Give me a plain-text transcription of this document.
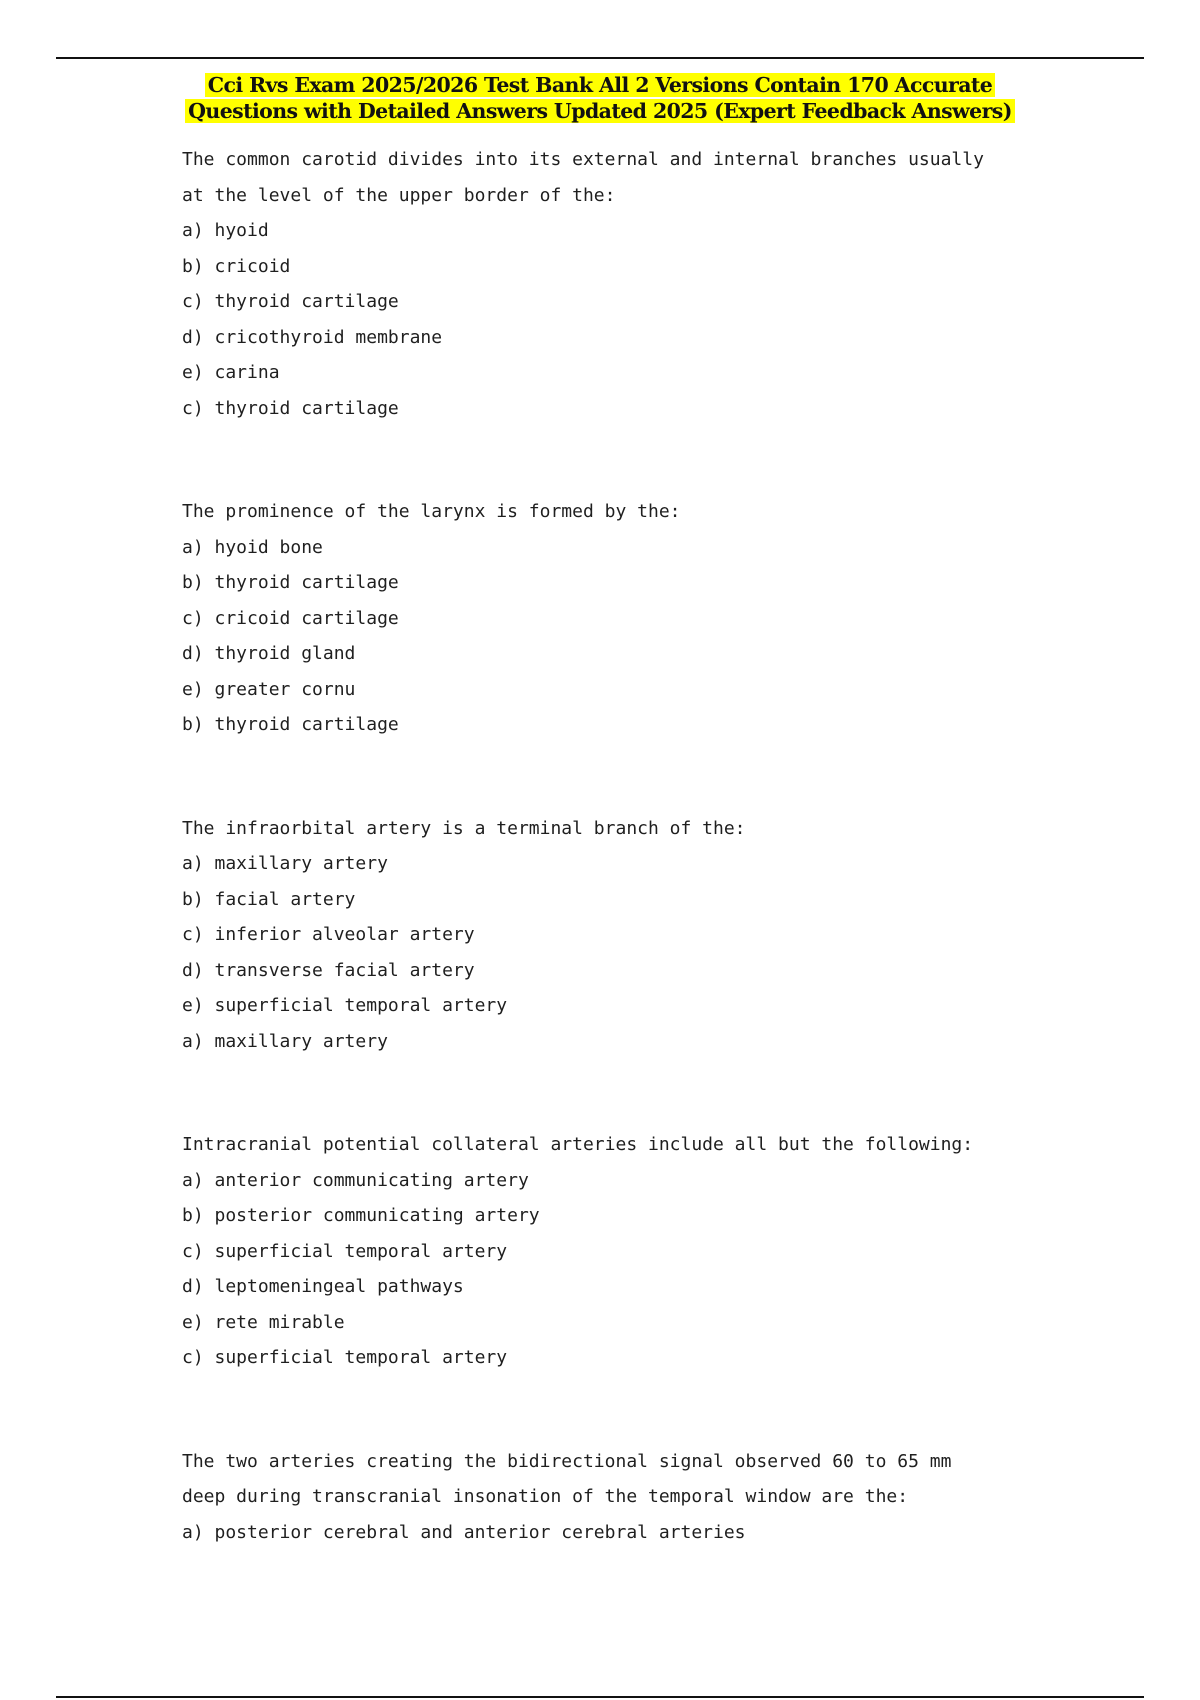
Cci Rvs Exam 2025/2026 Test Bank All 2 Versions Contain 170 Accurate
Questions with Detailed Answers Updated 2025 (Expert Feedback Answers)
The common carotid divides into its external and internal branches usually
at the level of the upper border of the:
a) hyoid
b) cricoid
c) thyroid cartilage
d) cricothyroid membrane
e) carina
c) thyroid cartilage
The prominence of the larynx is formed by the:
a) hyoid bone
b) thyroid cartilage
c) cricoid cartilage
d) thyroid gland
e) greater cornu
b) thyroid cartilage
The infraorbital artery is a terminal branch of the:
a) maxillary artery
b) facial artery
c) inferior alveolar artery
d) transverse facial artery
e) superficial temporal artery
a) maxillary artery
Intracranial potential collateral arteries include all but the following:
a) anterior communicating artery
b) posterior communicating artery
c) superficial temporal artery
d) leptomeningeal pathways
e) rete mirable
c) superficial temporal artery
The two arteries creating the bidirectional signal observed 60 to 65 mm
deep during transcranial insonation of the temporal window are the:
a) posterior cerebral and anterior cerebral arteries
